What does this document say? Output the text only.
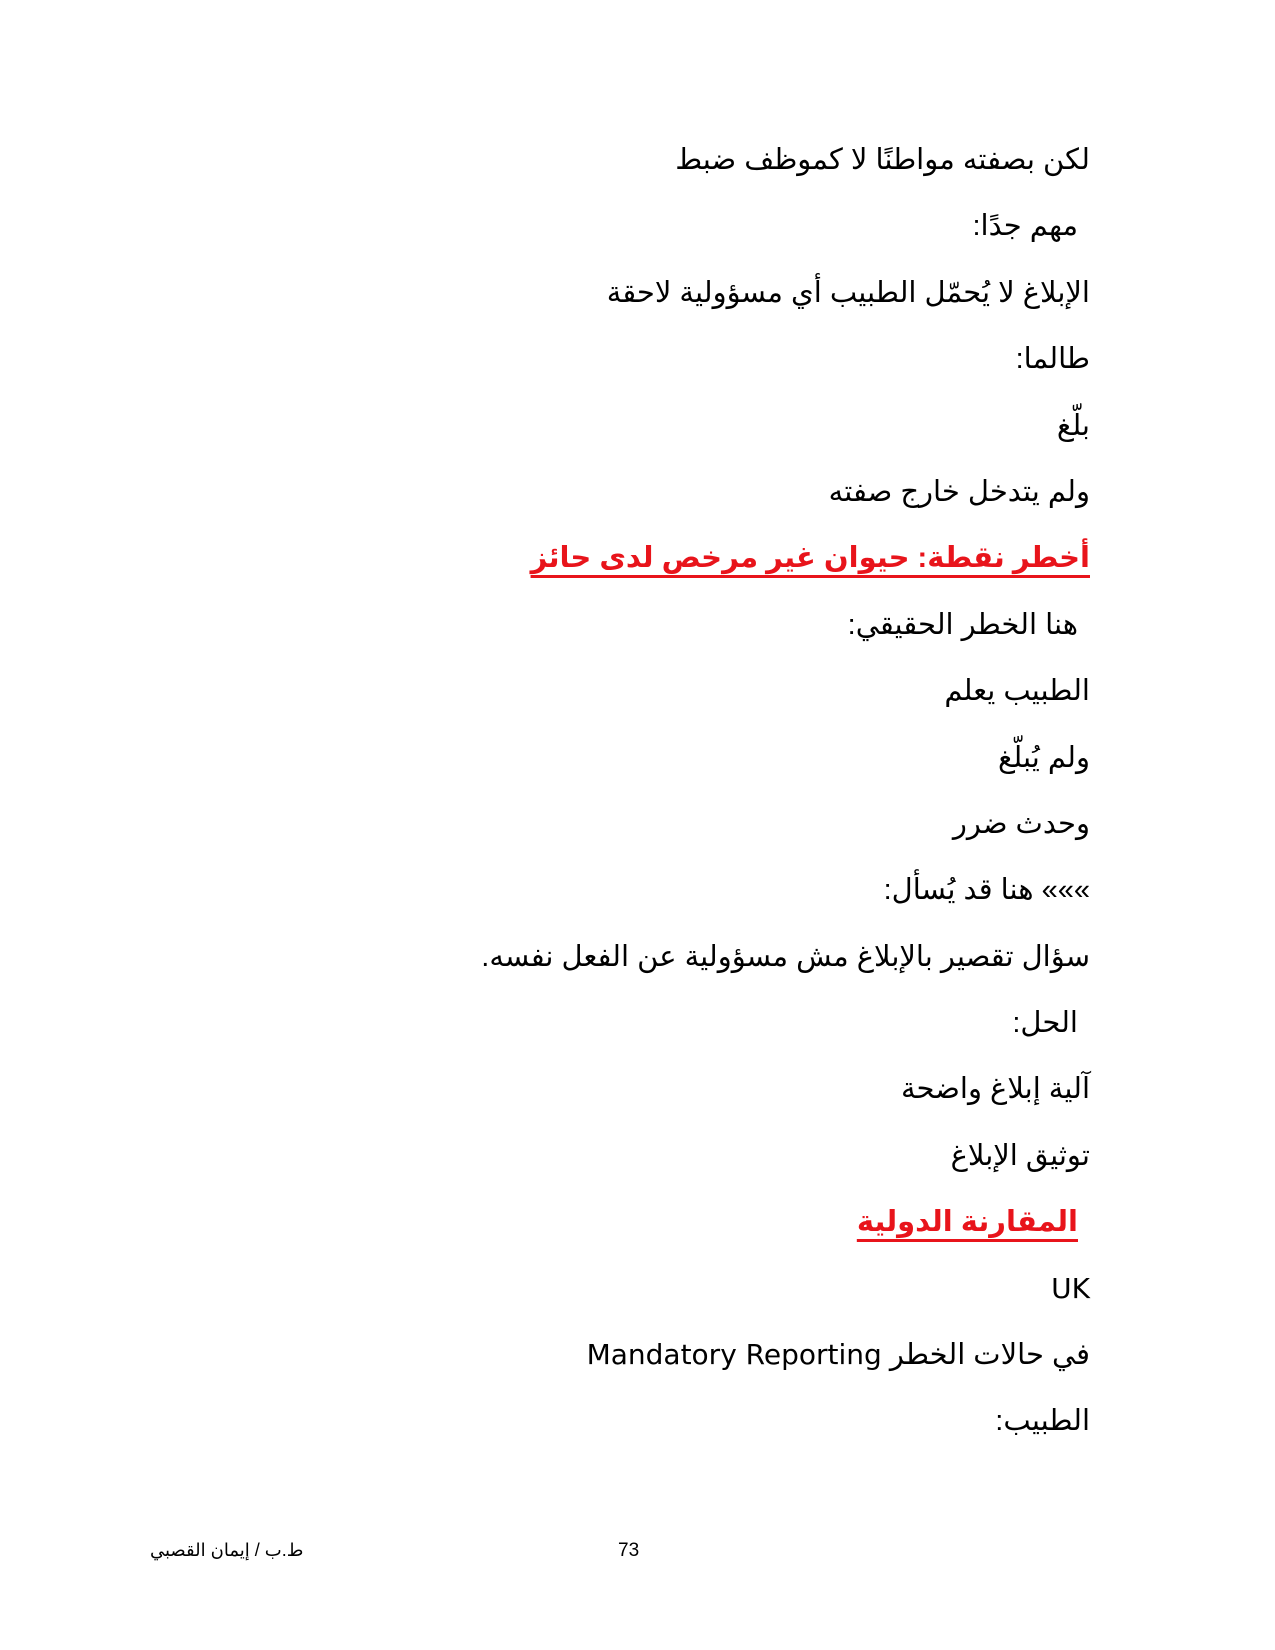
لكن بصفته مواطنًا لا كموظف ضبط
مهم جدًا:
الإبلاغ لا يُحمّل الطبيب أي مسؤولية لاحقة
طالما:
بلّغ
ولم يتدخل خارج صفته
أخطر نقطة: حيوان غير مرخص لدى حائز
هنا الخطر الحقيقي:
الطبيب يعلم
ولم يُبلّغ
وحدث ضرر
»»» هنا قد يُسأل:
سؤال تقصير بالإبلاغ مش مسؤولية عن الفعل نفسه.
الحل:
آلية إبلاغ واضحة
توثيق الإبلاغ
المقارنة الدولية
UK
في حالات الخطر Mandatory Reporting
الطبيب:
ط.ب / إيمان القصبي	73
